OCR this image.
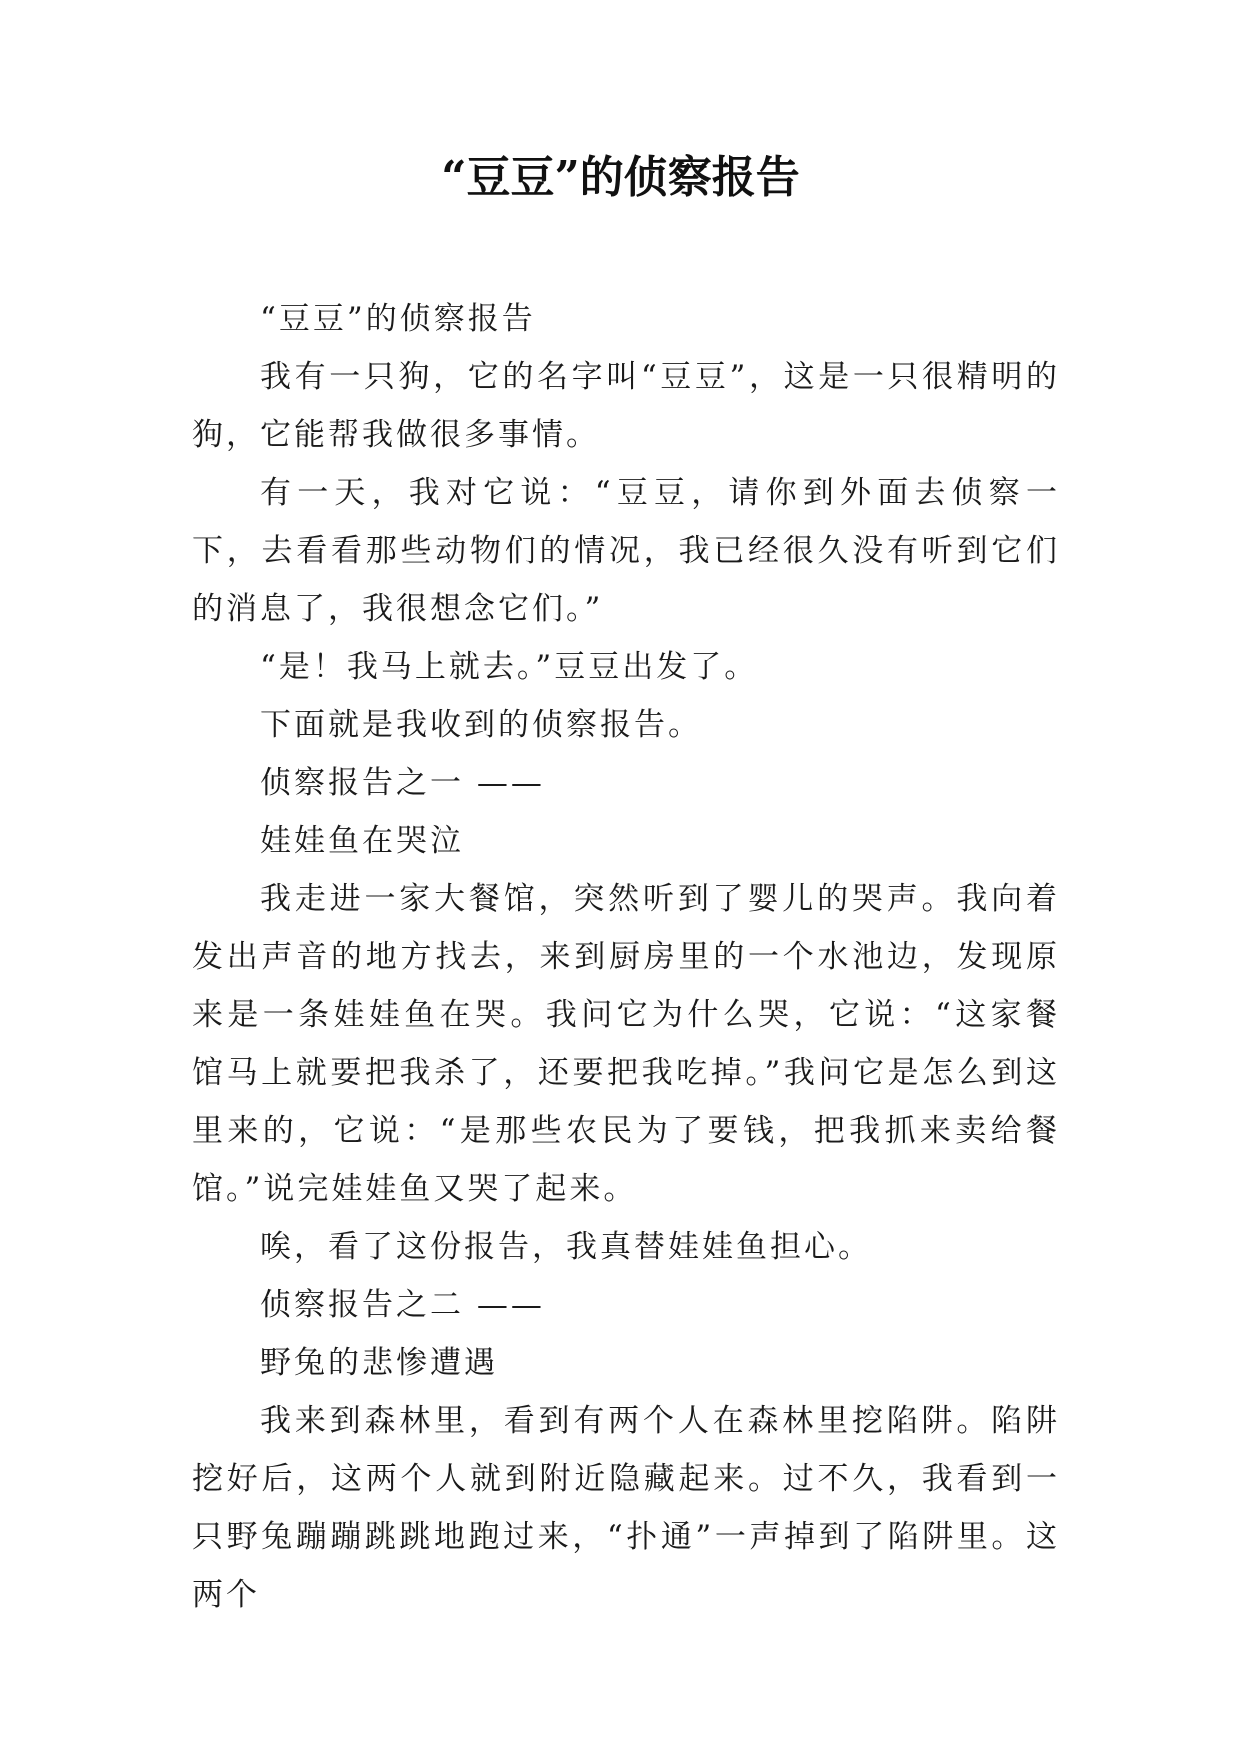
“豆豆”的侦察报告

“豆豆”的侦察报告

我有一只狗，它的名字叫“豆豆”，这是一只很精明的狗，它能帮我做很多事情。

有一天，我对它说：“豆豆，请你到外面去侦察一下，去看看那些动物们的情况，我已经很久没有听到它们的消息了，我很想念它们。”

“是！我马上就去。”豆豆出发了。

下面就是我收到的侦察报告。

侦察报告之一 ——

娃娃鱼在哭泣

我走进一家大餐馆，突然听到了婴儿的哭声。我向着发出声音的地方找去，来到厨房里的一个水池边，发现原来是一条娃娃鱼在哭。我问它为什么哭，它说：“这家餐馆马上就要把我杀了，还要把我吃掉。”我问它是怎么到这里来的，它说：“是那些农民为了要钱，把我抓来卖给餐馆。”说完娃娃鱼又哭了起来。

唉，看了这份报告，我真替娃娃鱼担心。

侦察报告之二 ——

野兔的悲惨遭遇

我来到森林里，看到有两个人在森林里挖陷阱。陷阱挖好后，这两个人就到附近隐藏起来。过不久，我看到一只野兔蹦蹦跳跳地跑过来，“扑通”一声掉到了陷阱里。这两个
